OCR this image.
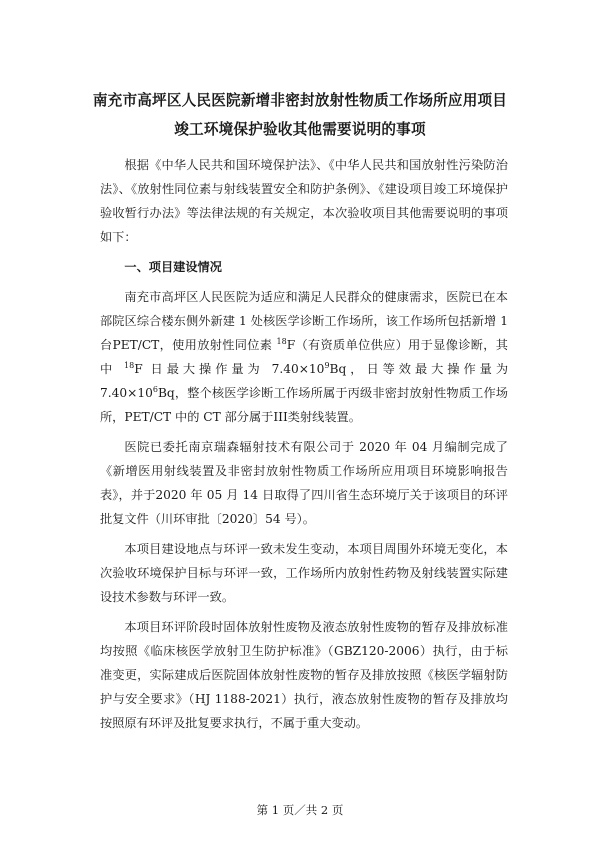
南充市高坪区人民医院新增非密封放射性物质工作场所应用项目
竣工环境保护验收其他需要说明的事项

根据《中华人民共和国环境保护法》、《中华人民共和国放射性污染防治法》、《放射性同位素与射线装置安全和防护条例》、《建设项目竣工环境保护验收暂行办法》等法律法规的有关规定，本次验收项目其他需要说明的事项如下：

一、项目建设情况

南充市高坪区人民医院为适应和满足人民群众的健康需求，医院已在本部院区综合楼东侧外新建 1 处核医学诊断工作场所，该工作场所包括新增 1 台PET/CT，使用放射性同位素 $^{18}$F（有资质单位供应）用于显像诊断，其中 $^{18}$F 日最大操作量为 $7.40\times 10^9Bq$，日等效最大操作量为 $7.40\times 10^6Bq$，整个核医学诊断工作场所属于丙级非密封放射性物质工作场所，PET/CT 中的 CT 部分属于III类射线装置。

医院已委托南京瑞森辐射技术有限公司于 2020 年 04 月编制完成了《新增医用射线装置及非密封放射性物质工作场所应用项目环境影响报告表》，并于2020 年 05 月 14 日取得了四川省生态环境厅关于该项目的环评批复文件（川环审批〔2020〕54 号）。

本项目建设地点与环评一致未发生变动，本项目周围外环境无变化，本次验收环境保护目标与环评一致，工作场所内放射性药物及射线装置实际建设技术参数与环评一致。

本项目环评阶段时固体放射性废物及液态放射性废物的暂存及排放标准均按照《临床核医学放射卫生防护标准》（GBZ120-2006）执行，由于标准变更，实际建成后医院固体放射性废物的暂存及排放按照《核医学辐射防护与安全要求》（HJ 1188-2021）执行，液态放射性废物的暂存及排放均按照原有环评及批复要求执行，不属于重大变动。

第 1 页／共 2 页
